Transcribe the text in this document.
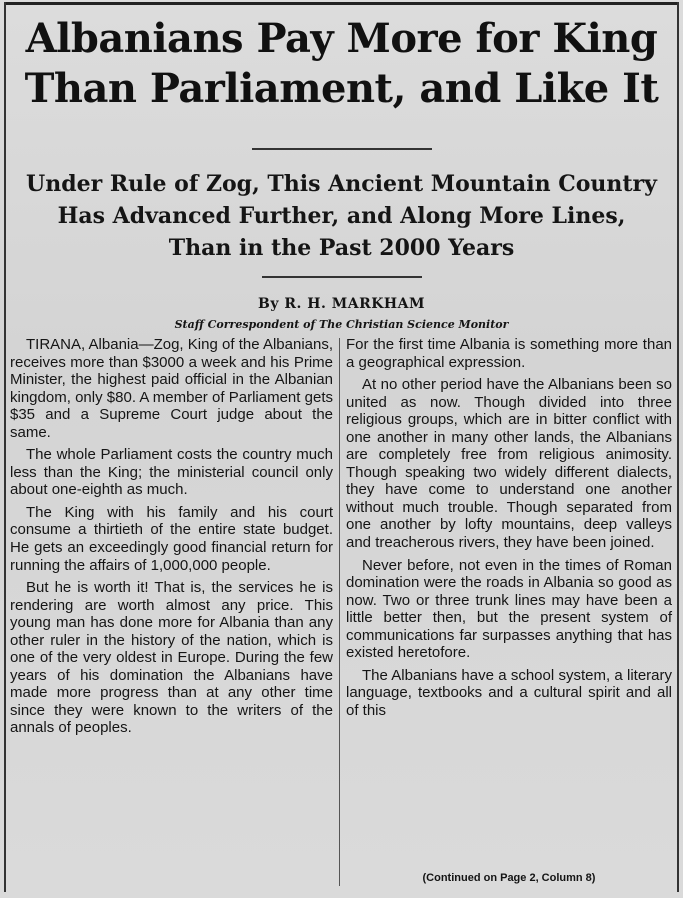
Albanians Pay More for King
Than Parliament, and Like It
Under Rule of Zog, This Ancient Mountain Country
Has Advanced Further, and Along More Lines,
Than in the Past 2000 Years
By R. H. MARKHAM
Staff Correspondent of The Christian Science Monitor

TIRANA, Albania—Zog, King of the Albanians, receives more than $3000 a week and his Prime Minister, the highest paid official in the Albanian kingdom, only $80. A member of Parliament gets $35 and a Supreme Court judge about the same.

The whole Parliament costs the country much less than the King; the ministerial council only about one-eighth as much.

The King with his family and his court consume a thirtieth of the entire state budget. He gets an exceedingly good financial return for running the affairs of 1,000,000 people.

But he is worth it! That is, the services he is rendering are worth almost any price. This young man has done more for Albania than any other ruler in the history of the nation, which is one of the very oldest in Europe. During the few years of his domination the Albanians have made more progress than at any other time since they were known to the writers of the annals of peoples.

For the first time Albania is something more than a geographical expression.

At no other period have the Albanians been so united as now. Though divided into three religious groups, which are in bitter conflict with one another in many other lands, the Albanians are completely free from religious animosity. Though speaking two widely different dialects, they have come to understand one another without much trouble. Though separated from one another by lofty mountains, deep valleys and treacherous rivers, they have been joined.

Never before, not even in the times of Roman domination were the roads in Albania so good as now. Two or three trunk lines may have been a little better then, but the present system of communications far surpasses anything that has existed heretofore.

The Albanians have a school system, a literary language, textbooks and a cultural spirit and all of this

(Continued on Page 2, Column 8)
